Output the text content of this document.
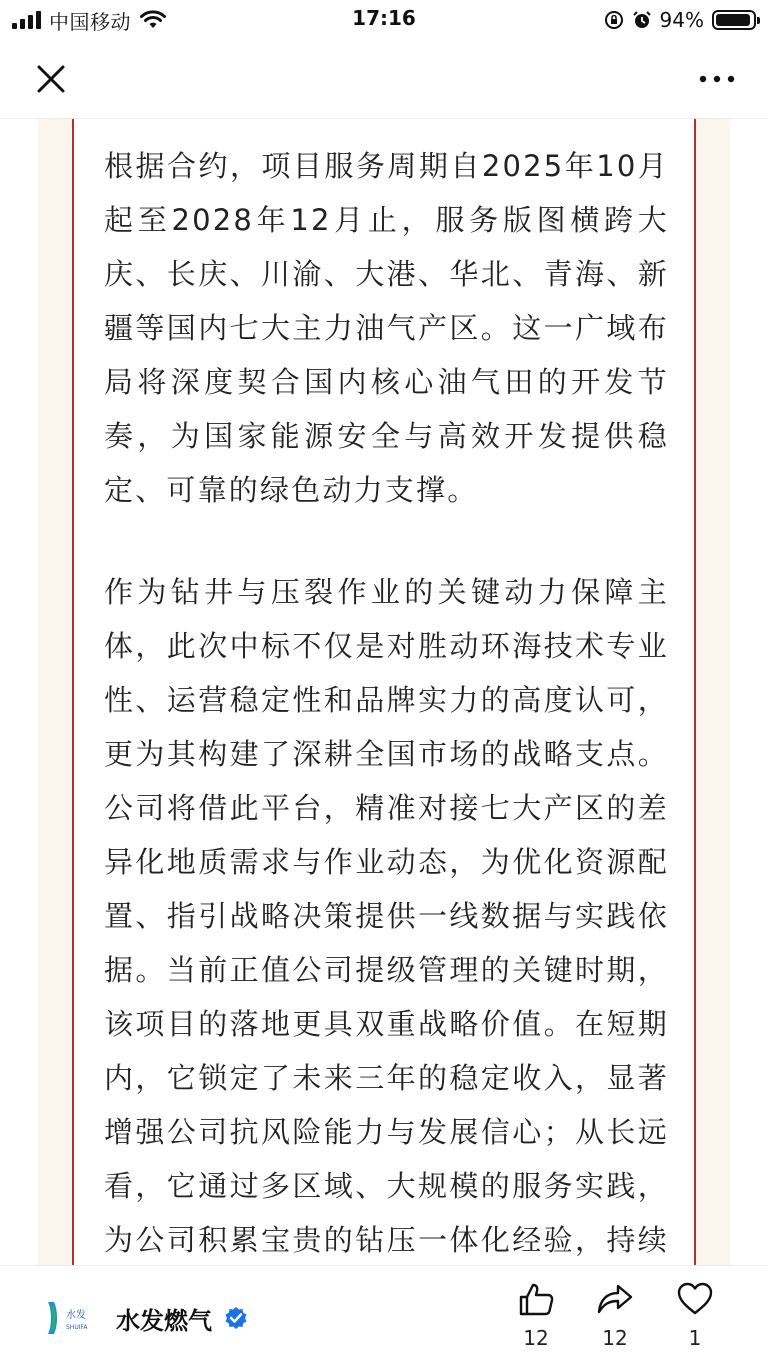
中国移动	17:16	94%

根据合约，项目服务周期自2025年10月起至2028年12月止，服务版图横跨大庆、长庆、川渝、大港、华北、青海、新疆等国内七大主力油气产区。这一广域布局将深度契合国内核心油气田的开发节奏，为国家能源安全与高效开发提供稳定、可靠的绿色动力支撑。

作为钻井与压裂作业的关键动力保障主体，此次中标不仅是对胜动环海技术专业性、运营稳定性和品牌实力的高度认可，更为其构建了深耕全国市场的战略支点。公司将借此平台，精准对接七大产区的差异化地质需求与作业动态，为优化资源配置、指引战略决策提供一线数据与实践依据。当前正值公司提级管理的关键时期，该项目的落地更具双重战略价值。在短期内，它锁定了未来三年的稳定收入，显著增强公司抗风险能力与发展信心；从长远看，它通过多区域、大规模的服务实践，为公司积累宝贵的钻压一体化经验，持续

水发
SHUIFA 水发燃气
12	12	1
